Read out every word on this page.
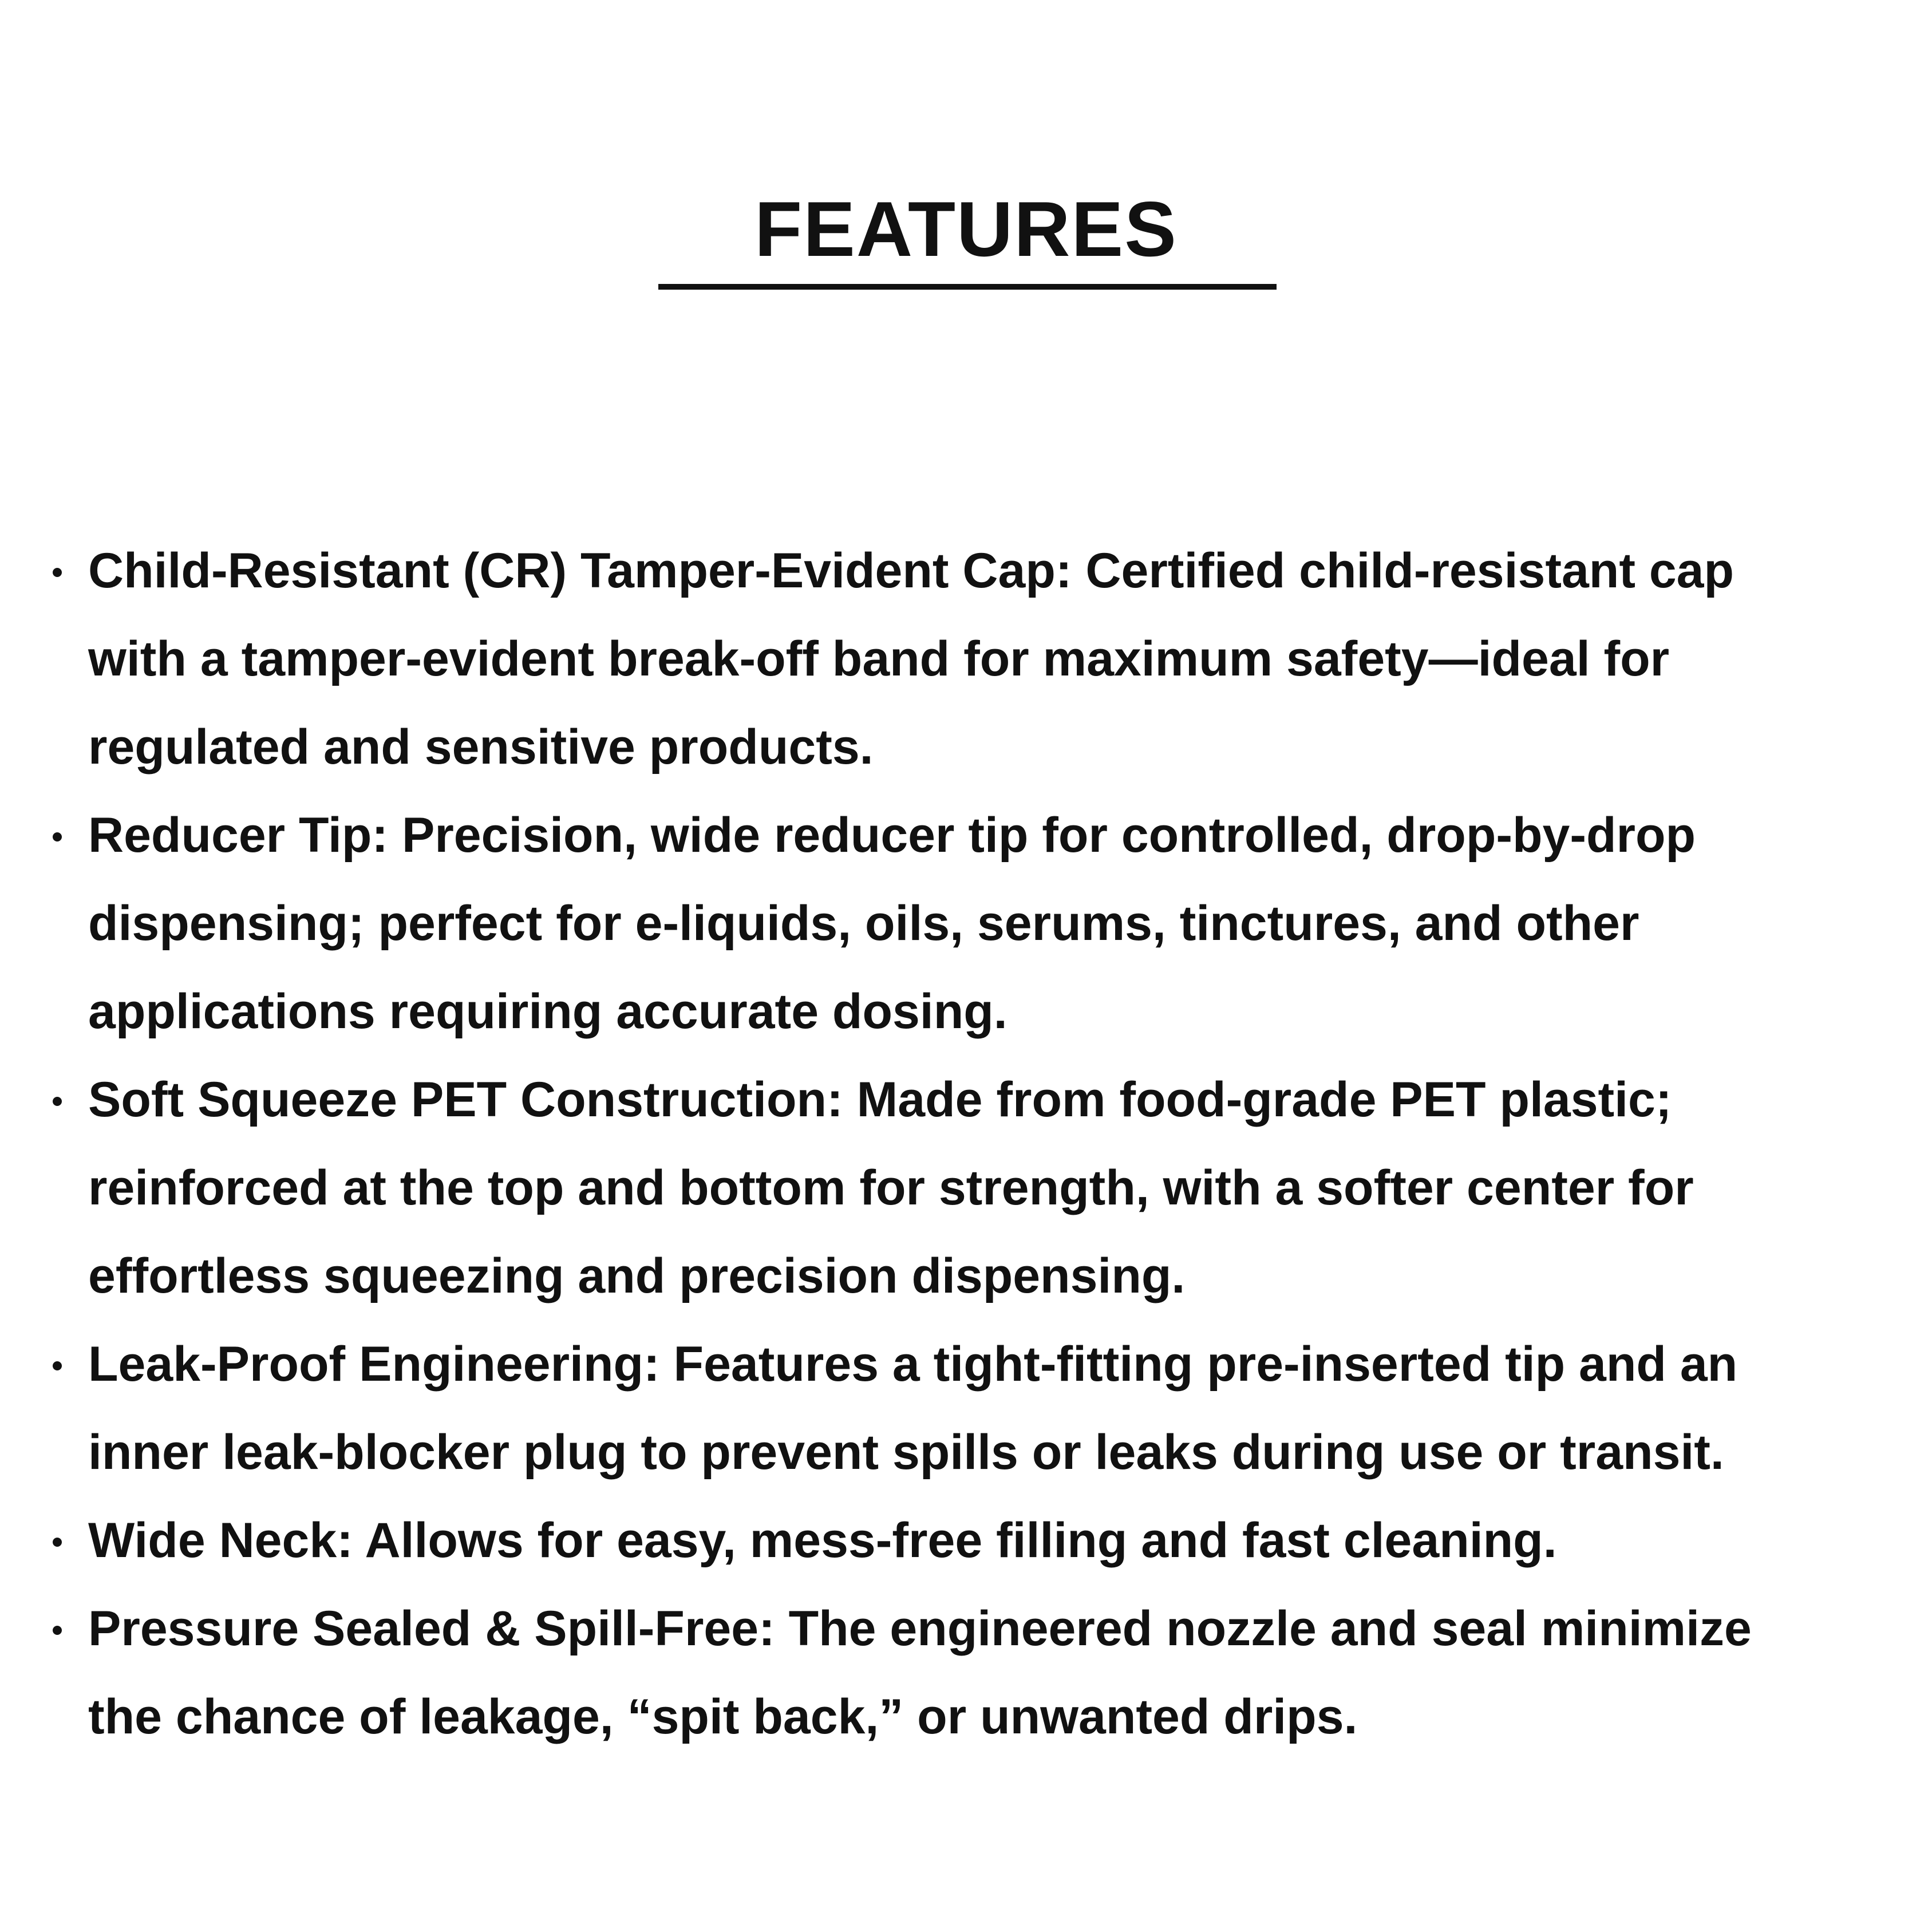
FEATURES
Child-Resistant (CR) Tamper-Evident Cap: Certified child-resistant cap
with a tamper-evident break-off band for maximum safety—ideal for
regulated and sensitive products.
Reducer Tip: Precision, wide reducer tip for controlled, drop-by-drop
dispensing; perfect for e-liquids, oils, serums, tinctures, and other
applications requiring accurate dosing.
Soft Squeeze PET Construction: Made from food-grade PET plastic;
reinforced at the top and bottom for strength, with a softer center for
effortless squeezing and precision dispensing.
Leak-Proof Engineering: Features a tight-fitting pre-inserted tip and an
inner leak-blocker plug to prevent spills or leaks during use or transit.
Wide Neck: Allows for easy, mess-free filling and fast cleaning.
Pressure Sealed & Spill-Free: The engineered nozzle and seal minimize
the chance of leakage, “spit back,” or unwanted drips.
